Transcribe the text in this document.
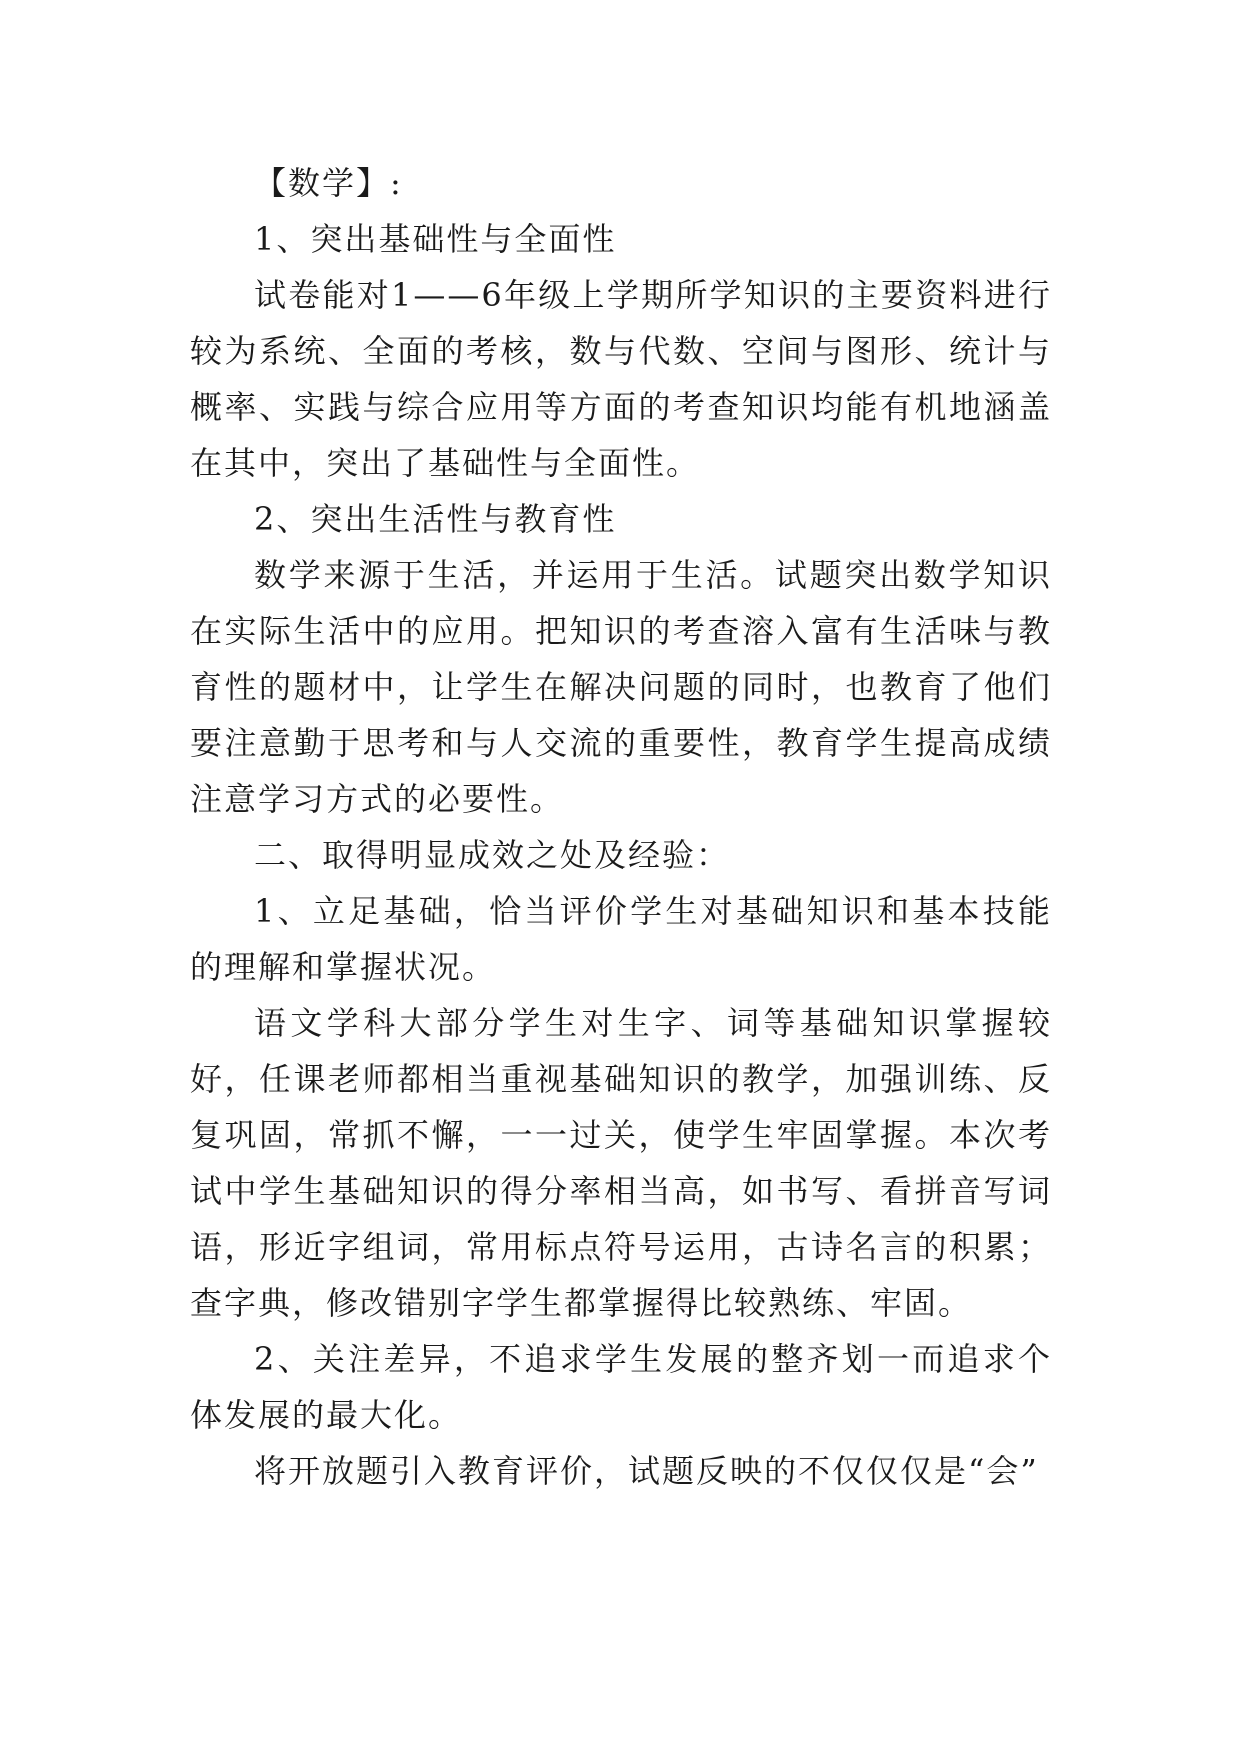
【数学】:

1、突出基础性与全面性

试卷能对1——6年级上学期所学知识的主要资料进行较为系统、全面的考核，数与代数、空间与图形、统计与概率、实践与综合应用等方面的考查知识均能有机地涵盖在其中，突出了基础性与全面性。

2、突出生活性与教育性

数学来源于生活，并运用于生活。试题突出数学知识在实际生活中的应用。把知识的考查溶入富有生活味与教育性的题材中，让学生在解决问题的同时，也教育了他们要注意勤于思考和与人交流的重要性，教育学生提高成绩注意学习方式的必要性。

二、取得明显成效之处及经验：

1、立足基础，恰当评价学生对基础知识和基本技能的理解和掌握状况。

语文学科大部分学生对生字、词等基础知识掌握较好，任课老师都相当重视基础知识的教学，加强训练、反复巩固，常抓不懈，一一过关，使学生牢固掌握。本次考试中学生基础知识的得分率相当高，如书写、看拼音写词语，形近字组词，常用标点符号运用，古诗名言的积累；查字典，修改错别字学生都掌握得比较熟练、牢固。

2、关注差异，不追求学生发展的整齐划一而追求个体发展的最大化。

将开放题引入教育评价，试题反映的不仅仅仅是“会”
